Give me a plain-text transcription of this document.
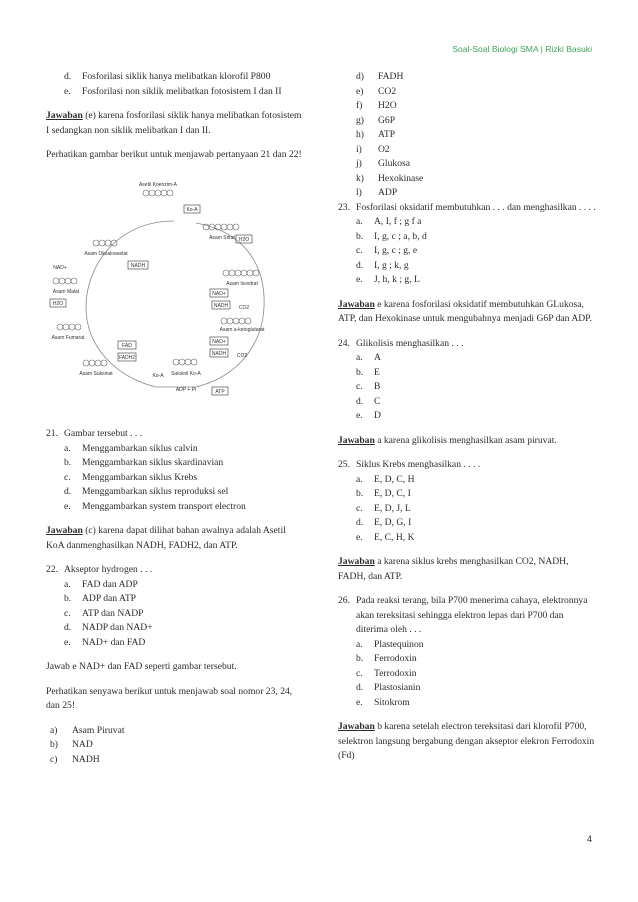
Soal-Soal Biologi SMA | Rizki Basuki
d.	Fosforilasi siklik hanya melibatkan klorofil P800
e.	Fosforilasi non siklik melibatkan fotosistem I dan II
Jawaban (e) karena fosforilasi siklik hanya melibatkan fotosistem I sedangkan non siklik melibatkan I dan II.
Perhatikan gambar berikut untuk menjawab pertanyaan 21 dan 22!
Asetil Koenzim-A
Ko-A
Asam Oksaloasetat
NADH
Asam Sitrat H2O
NAD+
Asam Malat
H2O
Asam Isositrat
NAD+
NADH CO2
FAD
Asam Fumarat
FADH2
NAD+
Asam a-ketoglutarat
Asam Suksinat	Ko-A Suksinil Ko-A
NADH CO2
ADP + Pi	ATP
21. Gambar tersebut . . .
a.	Menggambarkan siklus calvin
b.	Menggambarkan siklus skardinavian
c.	Menggambarkan siklus Krebs
d.	Menggambarkan siklus reproduksi sel
e.	Menggambarkan system transport electron
Jawaban (c) karena dapat dilihat bahan awalnya adalah Asetil KoA danmenghasilkan NADH, FADH2, dan ATP.
22. Akseptor hydrogen . . .
a.	FAD dan ADP
b.	ADP dan ATP
c.	ATP dan NADP
d.	NADP dan NAD+
e.	NAD+ dan FAD
Jawab e NAD+ dan FAD seperti gambar tersebut.
Perhatikan senyawa berikut untuk menjawab soal nomor 23, 24, dan 25!
a)	Asam Piruvat
b)	NAD
c)	NADH
d)	FADH
e)	CO2
f)	H2O
g)	G6P
h)	ATP
i)	O2
j)	Glukosa
k)	Hexokinase
l)	ADP
23. Fosforilasi oksidatif membutuhkan . . . dan menghasilkan . . . .
a.	A, I, f ; g f a
b.	I, g, c ; a, b, d
c.	I, g, c ; g, e
d.	I, g ; k, g
e.	J, h, k ; g, L
Jawaban e karena fosforilasi oksidatif membutuhkan GLukosa, ATP, dan Hexokinase untuk mengubahnya menjadi G6P dan ADP.
24. Glikolisis menghasilkan . . .
a.	A
b.	E
c.	B
d.	C
e.	D
Jawaban a karena glikolisis menghasilkan asam piruvat.
25. Siklus Krebs menghasilkan . . . .
a.	E, D, C, H
b.	E, D, C, I
c.	E, D, J, L
d.	E, D, G, I
e.	E, C, H, K
Jawaban a karena siklus krebs menghasilkan CO2, NADH, FADH, dan ATP.
26. Pada reaksi terang, bila P700 menerima cahaya, elektronnya akan tereksitasi sehingga elektron lepas dari P700 dan diterima oleh . . .
a.	Plastequinon
b.	Ferrodoxin
c.	Terrodoxin
d.	Plastosianin
e.	Sitokrom
Jawaban b karena setelah electron tereksitasi dari klorofil P700, selektron langsung bergabung dengan akseptor elekron Ferrodoxin (Fd)
4
